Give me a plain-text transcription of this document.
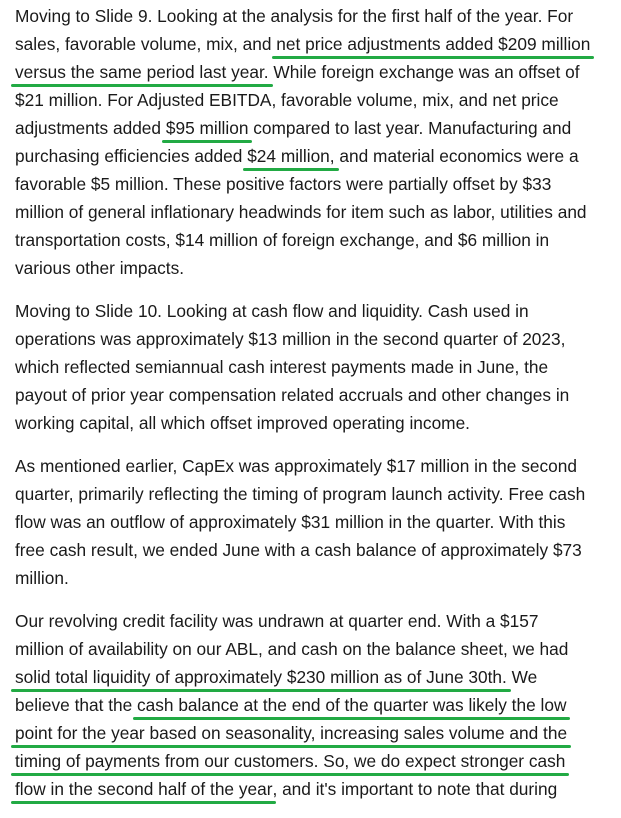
Moving to Slide 9. Looking at the analysis for the first half of the year. For
sales, favorable volume, mix, and net price adjustments added $209 million
versus the same period last year. While foreign exchange was an offset of
$21 million. For Adjusted EBITDA, favorable volume, mix, and net price
adjustments added $95 million compared to last year. Manufacturing and
purchasing efficiencies added $24 million, and material economics were a
favorable $5 million. These positive factors were partially offset by $33
million of general inflationary headwinds for item such as labor, utilities and
transportation costs, $14 million of foreign exchange, and $6 million in
various other impacts.
Moving to Slide 10. Looking at cash flow and liquidity. Cash used in
operations was approximately $13 million in the second quarter of 2023,
which reflected semiannual cash interest payments made in June, the
payout of prior year compensation related accruals and other changes in
working capital, all which offset improved operating income.
As mentioned earlier, CapEx was approximately $17 million in the second
quarter, primarily reflecting the timing of program launch activity. Free cash
flow was an outflow of approximately $31 million in the quarter. With this
free cash result, we ended June with a cash balance of approximately $73
million.
Our revolving credit facility was undrawn at quarter end. With a $157
million of availability on our ABL, and cash on the balance sheet, we had
solid total liquidity of approximately $230 million as of June 30th. We
believe that the cash balance at the end of the quarter was likely the low
point for the year based on seasonality, increasing sales volume and the
timing of payments from our customers. So, we do expect stronger cash
flow in the second half of the year, and it's important to note that during
